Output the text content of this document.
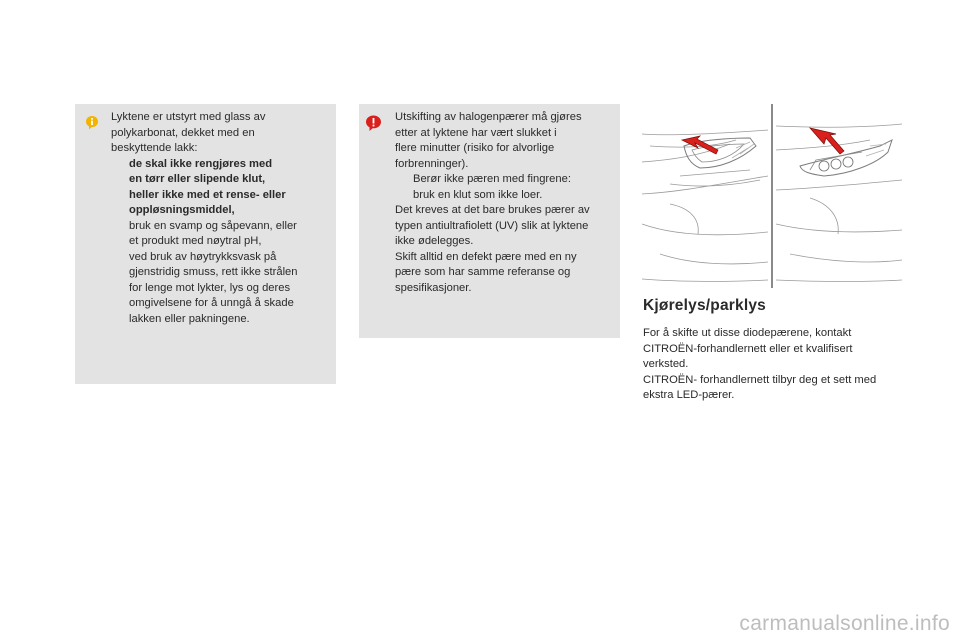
Lyktene er utstyrt med glass av
polykarbonat, dekket med en
beskyttende lakk:
de skal ikke rengjøres med
en tørr eller slipende klut,
heller ikke med et rense- eller
oppløsningsmiddel,
bruk en svamp og såpevann, eller
et produkt med nøytral pH,
ved bruk av høytrykksvask på
gjenstridig smuss, rett ikke strålen
for lenge mot lykter, lys og deres
omgivelsene for å unngå å skade
lakken eller pakningene.
Utskifting av halogenpærer må gjøres
etter at lyktene har vært slukket i
flere minutter (risiko for alvorlige
forbrenninger).
Berør ikke pæren med fingrene:
bruk en klut som ikke loer.
Det kreves at det bare brukes pærer av
typen antiultrafiolett (UV) slik at lyktene
ikke ødelegges.
Skift alltid en defekt pære med en ny
pære som har samme referanse og
spesifikasjoner.
Kjørelys/parklys
For å skifte ut disse diodepærene, kontakt
CITROËN-forhandlernett eller et kvalifisert
verksted.
CITROËN- forhandlernett tilbyr deg et sett med
ekstra LED-pærer.
carmanualsonline.info
